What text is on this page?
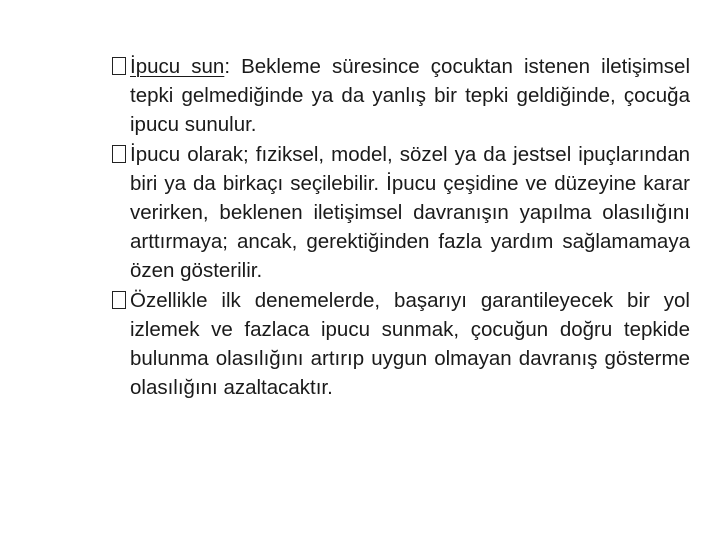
İpucu sun: Bekleme süresince çocuktan istenen iletişimsel tepki gelmediğinde ya da yanlış bir tepki geldiğinde, çocuğa ipucu sunulur.

İpucu olarak; fıziksel, model, sözel ya da jestsel ipuçlarından biri ya da birkaçı seçilebilir. İpucu çeşidine ve düzeyine karar verirken, beklenen iletişimsel davranışın yapılma olasılığını arttırmaya; ancak, gerektiğinden fazla yardım sağlamamaya özen gösterilir.

Özellikle ilk denemelerde, başarıyı garantileyecek bir yol izlemek ve fazlaca ipucu sunmak, çocuğun doğru tepkide bulunma olasılığını artırıp uygun olmayan davranış gösterme olasılığını azaltacaktır.
